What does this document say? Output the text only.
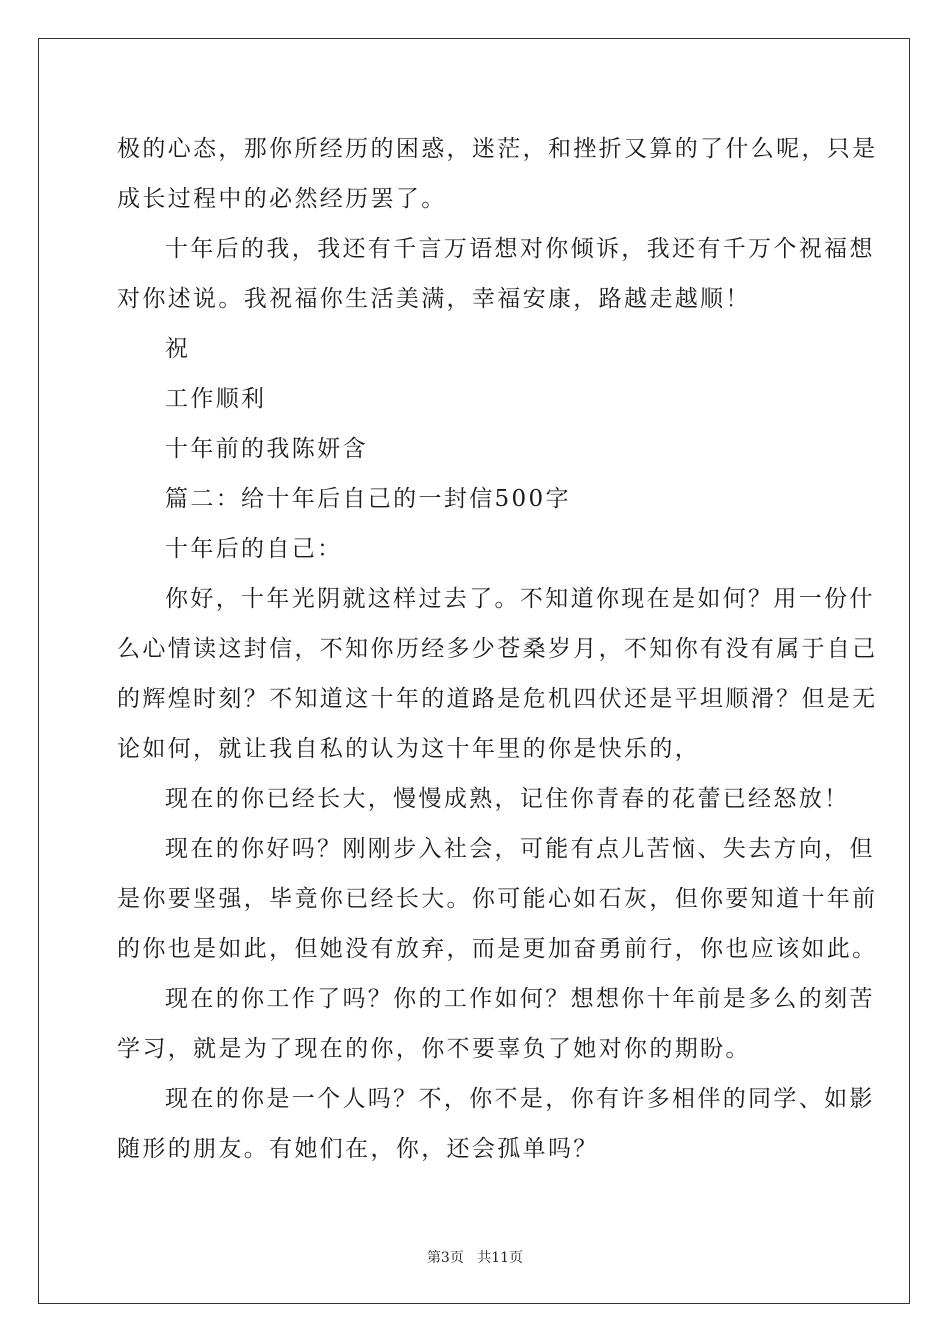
极的心态，那你所经历的困惑，迷茫，和挫折又算的了什么呢，只是
成长过程中的必然经历罢了。
十年后的我，我还有千言万语想对你倾诉，我还有千万个祝福想
对你述说。我祝福你生活美满，幸福安康，路越走越顺！
祝
工作顺利
十年前的我陈妍含
篇二：给十年后自己的一封信500字
十年后的自己：
你好，十年光阴就这样过去了。不知道你现在是如何？用一份什
么心情读这封信，不知你历经多少苍桑岁月，不知你有没有属于自己
的辉煌时刻？不知道这十年的道路是危机四伏还是平坦顺滑？但是无
论如何，就让我自私的认为这十年里的你是快乐的，
现在的你已经长大，慢慢成熟，记住你青春的花蕾已经怒放！
现在的你好吗？刚刚步入社会，可能有点儿苦恼、失去方向，但
是你要坚强，毕竟你已经长大。你可能心如石灰，但你要知道十年前
的你也是如此，但她没有放弃，而是更加奋勇前行，你也应该如此。
现在的你工作了吗？你的工作如何？想想你十年前是多么的刻苦
学习，就是为了现在的你，你不要辜负了她对你的期盼。
现在的你是一个人吗？不，你不是，你有许多相伴的同学、如影
随形的朋友。有她们在，你，还会孤单吗？
第3页 共11页
